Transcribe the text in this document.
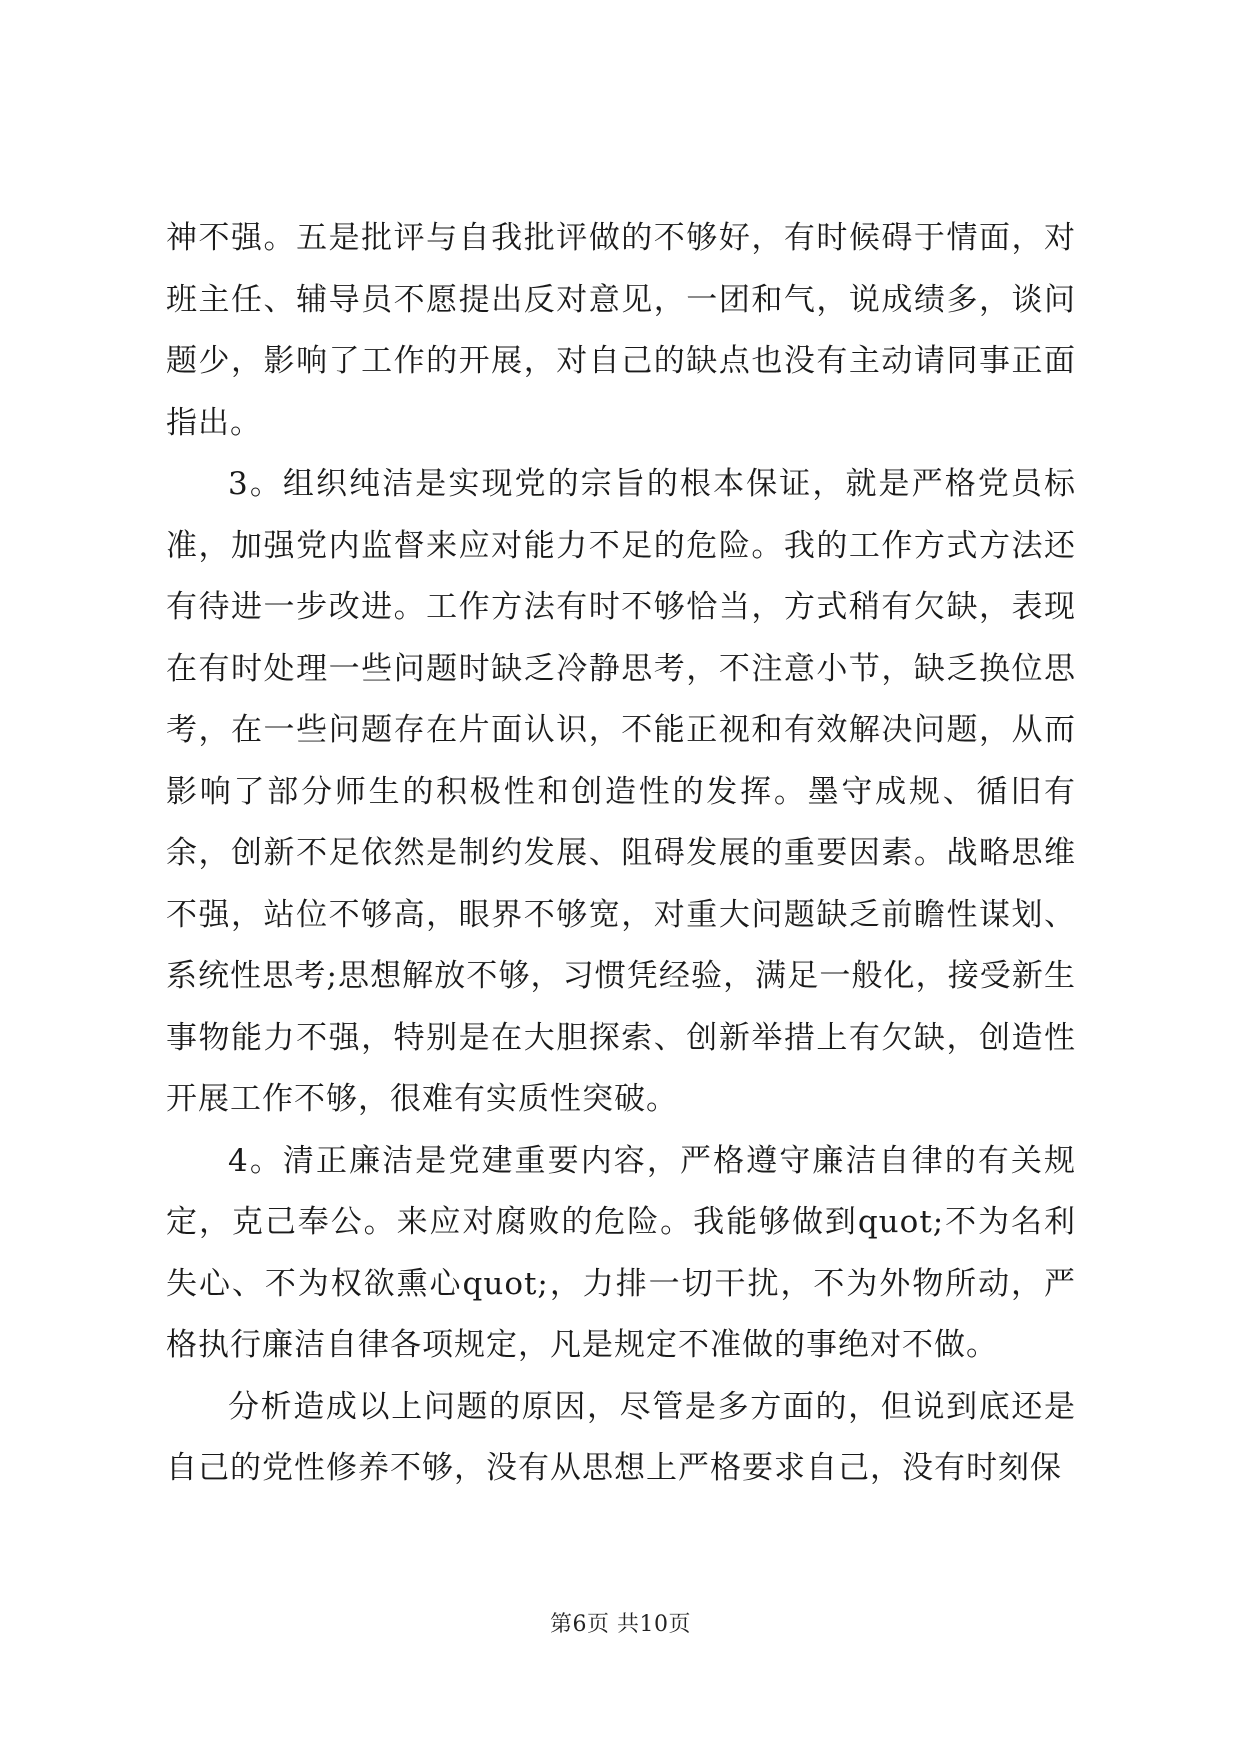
神不强。五是批评与自我批评做的不够好，有时候碍于情面，对班主任、辅导员不愿提出反对意见，一团和气，说成绩多，谈问题少，影响了工作的开展，对自己的缺点也没有主动请同事正面指出。

3。组织纯洁是实现党的宗旨的根本保证，就是严格党员标准，加强党内监督来应对能力不足的危险。我的工作方式方法还有待进一步改进。工作方法有时不够恰当，方式稍有欠缺，表现在有时处理一些问题时缺乏冷静思考，不注意小节，缺乏换位思考，在一些问题存在片面认识，不能正视和有效解决问题，从而影响了部分师生的积极性和创造性的发挥。墨守成规、循旧有余，创新不足依然是制约发展、阻碍发展的重要因素。战略思维不强，站位不够高，眼界不够宽，对重大问题缺乏前瞻性谋划、系统性思考;思想解放不够，习惯凭经验，满足一般化，接受新生事物能力不强，特别是在大胆探索、创新举措上有欠缺，创造性开展工作不够，很难有实质性突破。

4。清正廉洁是党建重要内容，严格遵守廉洁自律的有关规定，克己奉公。来应对腐败的危险。我能够做到quot;不为名利失心、不为权欲熏心quot;，力排一切干扰，不为外物所动，严格执行廉洁自律各项规定，凡是规定不准做的事绝对不做。

分析造成以上问题的原因，尽管是多方面的，但说到底还是自己的党性修养不够，没有从思想上严格要求自己，没有时刻保

第6页 共10页
